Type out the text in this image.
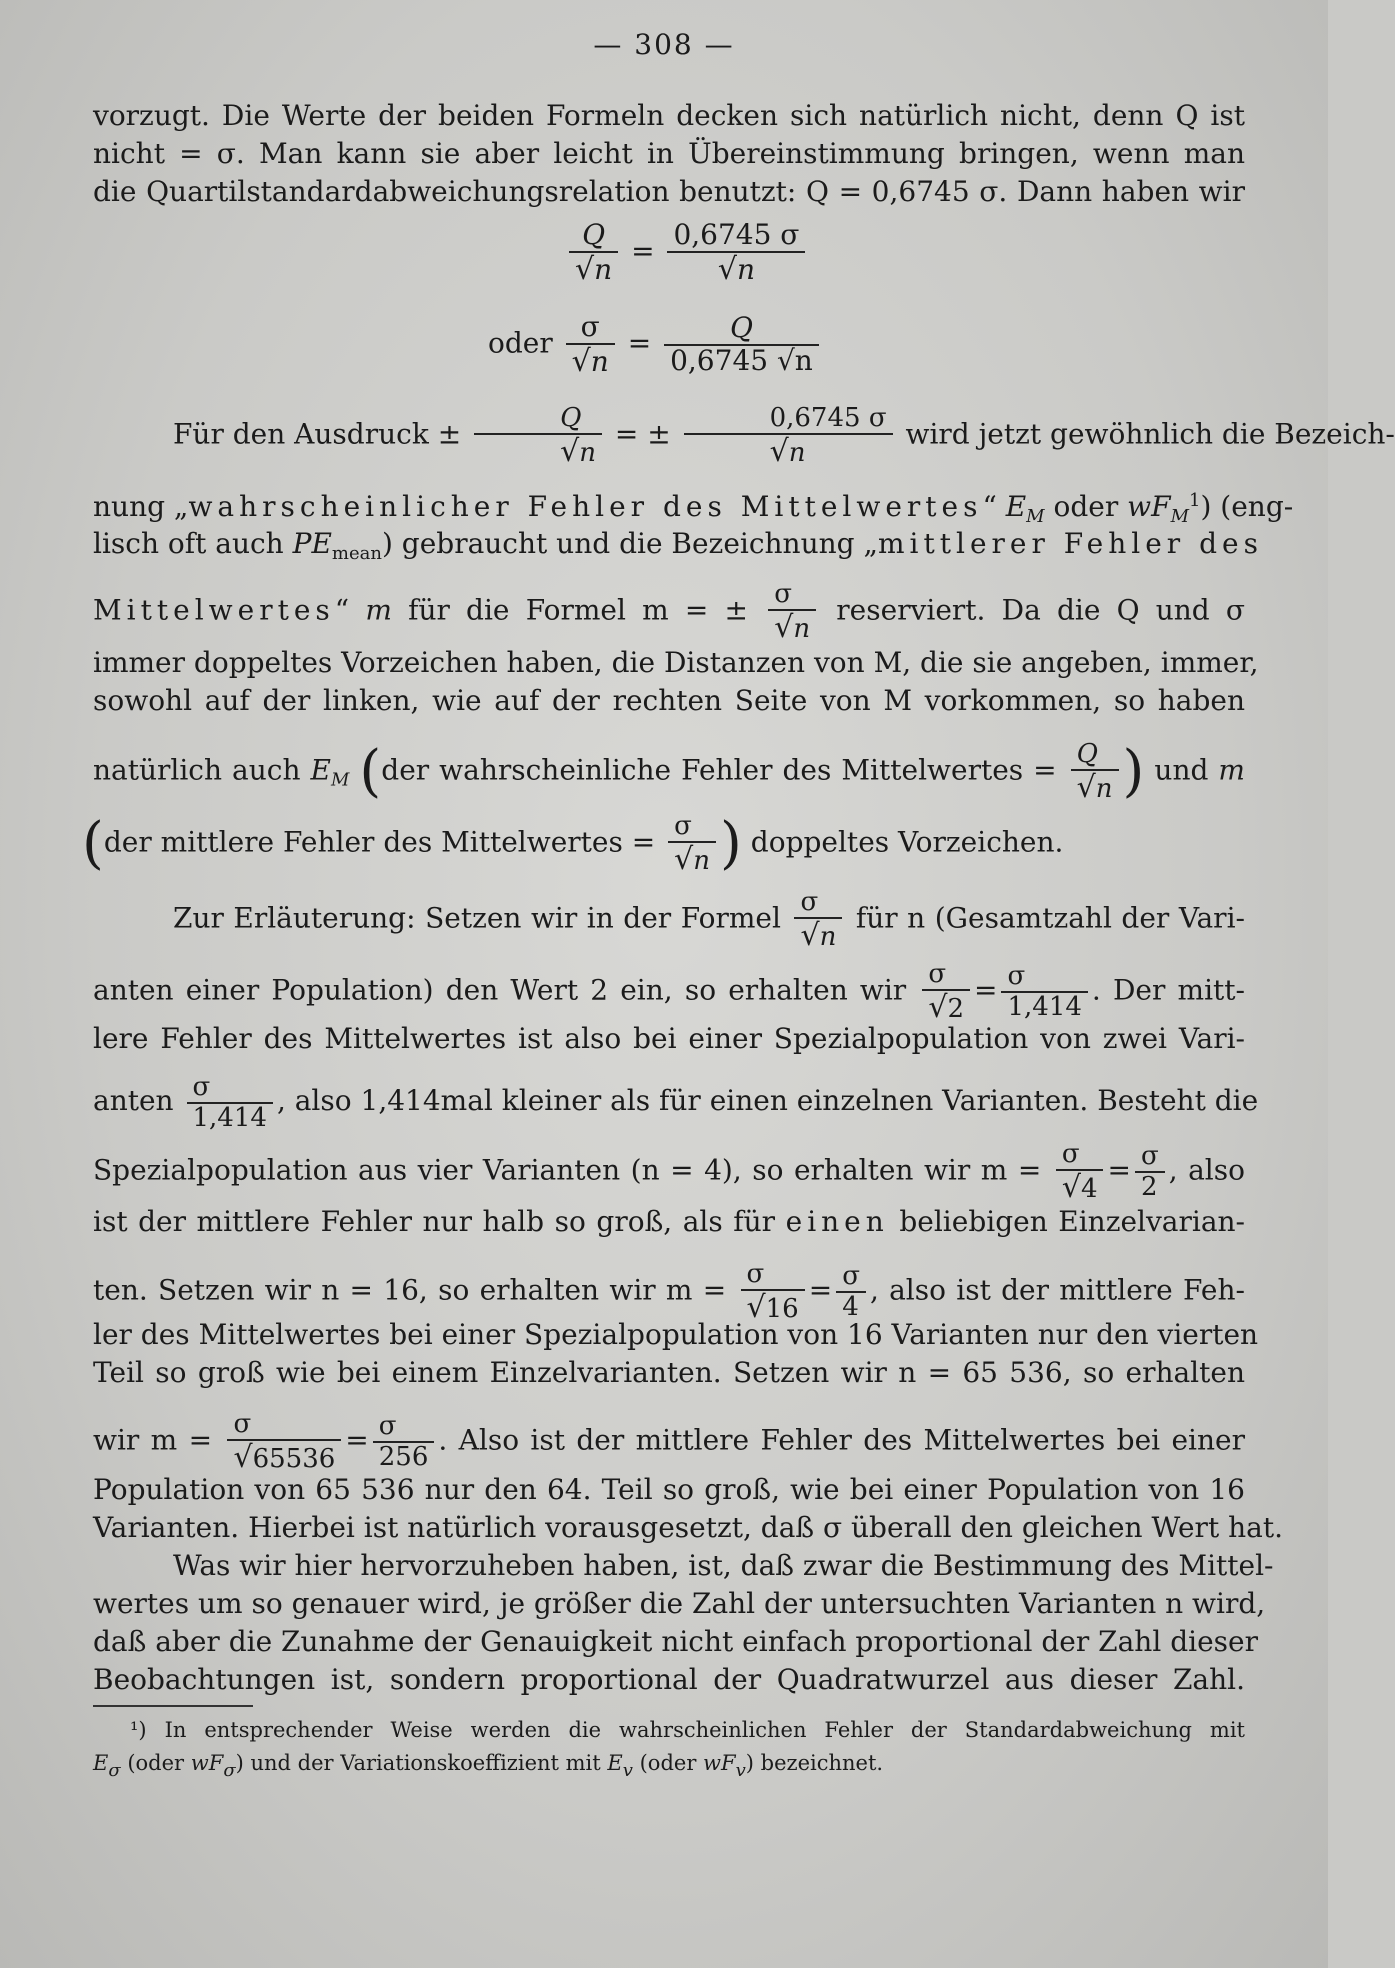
— 308 —
vorzugt. Die Werte der beiden Formeln decken sich natürlich nicht, denn Q ist
nicht = σ. Man kann sie aber leicht in Übereinstimmung bringen, wenn man
die Quartilstandardabweichungsrelation benutzt: Q = 0,6745 σ. Dann haben wir
$\frac{Q}{√n} = \frac{0,6745 \sigma}{√n}$
oder $\frac{\sigma}{√n} = \frac{Q}{0,6745 √n}$
Für den Ausdruck ± $\frac{Q}{√n}$ = ± $\frac{0,6745 \sigma}{√n}$ wird jetzt gewöhnlich die Bezeich-
nung „wahrscheinlicher Fehler des Mittelwertes“ $E_M$ oder $wF_M^1$) (eng-
lisch oft auch $PE_{mean}$) gebraucht und die Bezeichnung „mittlerer Fehler des
Mittelwertes“ m für die Formel m = ± $\frac{\sigma}{√n}$ reserviert. Da die Q und σ
immer doppeltes Vorzeichen haben, die Distanzen von M, die sie angeben, immer,
sowohl auf der linken, wie auf der rechten Seite von M vorkommen, so haben
natürlich auch $E_M$ (der wahrscheinliche Fehler des Mittelwertes = $\frac{Q}{√n}$ ) und m
(der mittlere Fehler des Mittelwertes = $\frac{\sigma}{√n}$ ) doppeltes Vorzeichen.
Zur Erläuterung: Setzen wir in der Formel $\frac{\sigma}{√n}$ für n (Gesamtzahl der Vari-
anten einer Population) den Wert 2 ein, so erhalten wir $\frac{\sigma}{√2} = \frac{\sigma}{1,414}$ . Der mitt-
lere Fehler des Mittelwertes ist also bei einer Spezialpopulation von zwei Vari-
anten $\frac{\sigma}{1,414}$ , also 1,414mal kleiner als für einen einzelnen Varianten. Besteht die
Spezialpopulation aus vier Varianten (n = 4), so erhalten wir $m = \frac{\sigma}{√4} = \frac{\sigma}{2}$ , also
ist der mittlere Fehler nur halb so groß, als für einen beliebigen Einzelvarian-
ten. Setzen wir n = 16, so erhalten wir $m = \frac{\sigma}{√16} = \frac{\sigma}{4}$ , also ist der mittlere Feh-
ler des Mittelwertes bei einer Spezialpopulation von 16 Varianten nur den vierten
Teil so groß wie bei einem Einzelvarianten. Setzen wir n = 65 536, so erhalten
wir $m = \frac{\sigma}{√65536} = \frac{\sigma}{256}$ . Also ist der mittlere Fehler des Mittelwertes bei einer
Population von 65 536 nur den 64. Teil so groß, wie bei einer Population von 16
Varianten. Hierbei ist natürlich vorausgesetzt, daß σ überall den gleichen Wert hat.
Was wir hier hervorzuheben haben, ist, daß zwar die Bestimmung des Mittel-
wertes um so genauer wird, je größer die Zahl der untersuchten Varianten n wird,
daß aber die Zunahme der Genauigkeit nicht einfach proportional der Zahl dieser
Beobachtungen ist, sondern proportional der Quadratwurzel aus dieser Zahl.
¹) In entsprechender Weise werden die wahrscheinlichen Fehler der Standardabweichung mit
$E_\sigma$ (oder $wF_\sigma$) und der Variationskoeffizient mit $E_v$ (oder $wF_v$) bezeichnet.
